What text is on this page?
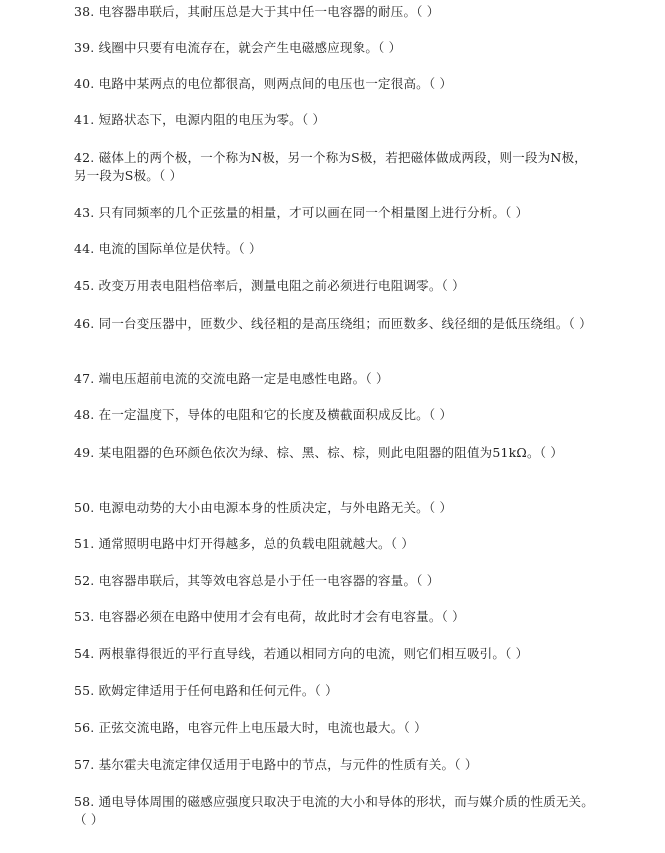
38. 电容器串联后，其耐压总是大于其中任一电容器的耐压。（ ）
39. 线圈中只要有电流存在，就会产生电磁感应现象。（ ）
40. 电路中某两点的电位都很高，则两点间的电压也一定很高。（ ）
41. 短路状态下，电源内阻的电压为零。（ ）
42. 磁体上的两个极，一个称为N极，另一个称为S极，若把磁体做成两段，则一段为N极，另一段为S极。（ ）
43. 只有同频率的几个正弦量的相量，才可以画在同一个相量图上进行分析。（ ）
44. 电流的国际单位是伏特。（ ）
45. 改变万用表电阻档倍率后，测量电阻之前必须进行电阻调零。（ ）
46. 同一台变压器中，匝数少、线径粗的是高压绕组；而匝数多、线径细的是低压绕组。（ ）
47. 端电压超前电流的交流电路一定是电感性电路。（ ）
48. 在一定温度下，导体的电阻和它的长度及横截面积成反比。（ ）
49. 某电阻器的色环颜色依次为绿、棕、黑、棕、棕，则此电阻器的阻值为51kΩ。（ ）
50. 电源电动势的大小由电源本身的性质决定，与外电路无关。（ ）
51. 通常照明电路中灯开得越多，总的负载电阻就越大。（ ）
52. 电容器串联后，其等效电容总是小于任一电容器的容量。（ ）
53. 电容器必须在电路中使用才会有电荷，故此时才会有电容量。（ ）
54. 两根靠得很近的平行直导线，若通以相同方向的电流，则它们相互吸引。（ ）
55. 欧姆定律适用于任何电路和任何元件。（ ）
56. 正弦交流电路，电容元件上电压最大时，电流也最大。（ ）
57. 基尔霍夫电流定律仅适用于电路中的节点，与元件的性质有关。（ ）
58. 通电导体周围的磁感应强度只取决于电流的大小和导体的形状，而与媒介质的性质无关。（ ）
